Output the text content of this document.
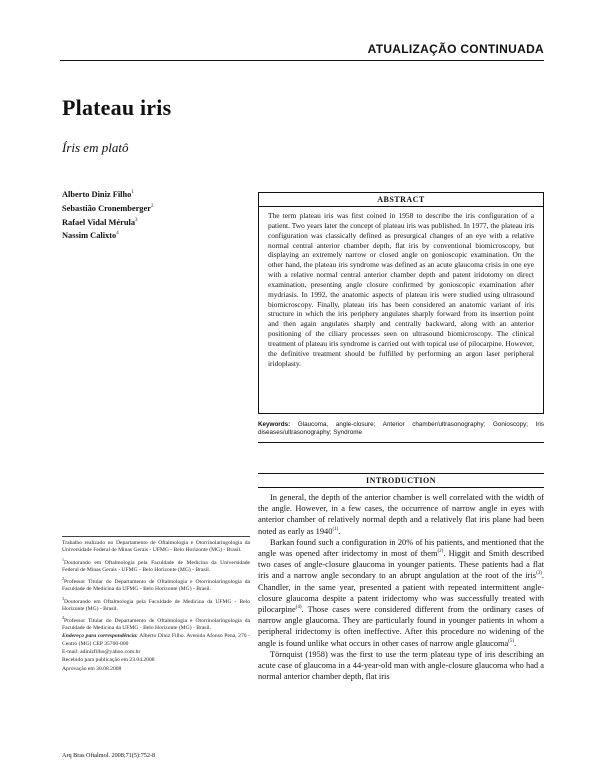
ATUALIZAÇÃO CONTINUADA
Plateau iris
Íris em platô
Alberto Diniz Filho$^1$
Sebastião Cronemberger$^2$
Rafael Vidal Mérula$^3$
Nassim Calixto$^4$
ABSTRACT
The term plateau iris was first coined in 1958 to describe the iris configuration of a patient. Two years later the concept of plateau iris was published. In 1977, the plateau iris configuration was classically defined as presurgical changes of an eye with a relative normal central anterior chamber depth, flat iris by conventional biomicroscopy, but displaying an extremely narrow or closed angle on gonioscopic examination. On the other hand, the plateau iris syndrome was defined as an acute glaucoma crisis in one eye with a relative normal central anterior chamber depth and patent iridotomy on direct examination, presenting angle closure confirmed by gonioscopic examination after mydriasis. In 1992, the anatomic aspects of plateau iris were studied using ultrasound biomicroscopy. Finally, plateau iris has been considered an anatomic variant of iris structure in which the iris periphery angulates sharply forward from its insertion point and then again angulates sharply and centrally backward, along with an anterior positioning of the ciliary processes seen on ultrasound biomicroscopy. The clinical treatment of plateau iris syndrome is carried out with topical use of pilocarpine. However, the definitive treatment should be fulfilled by performing an argon laser peripheral iridoplasty.
Keywords: Glaucoma, angle-closure; Anterior chamber/ultrasonography; Gonioscopy; Iris diseases/ultrasonography; Syndrome
INTRODUCTION

In general, the depth of the anterior chamber is well correlated with the width of the angle. However, in a few cases, the occurrence of narrow angle in eyes with anterior chamber of relatively normal depth and a relatively flat iris plane had been noted as early as 1940$^{(1)}$.

Barkan found such a configuration in 20% of his patients, and mentioned that the angle was opened after iridectomy in most of them$^{(2)}$. Higgit and Smith described two cases of angle-closure glaucoma in younger patients. These patients had a flat iris and a narrow angle secondary to an abrupt angulation at the root of the iris$^{(3)}$. Chandler, in the same year, presented a patient with repeated intermittent angle-closure glaucoma despite a patent iridectomy who was successfully treated with pilocarpine$^{(4)}$. Those cases were considered different from the ordinary cases of narrow angle glaucoma. They are particularly found in younger patients in whom a peripheral iridectomy is often ineffective. After this procedure no widening of the angle is found unlike what occurs in other cases of narrow angle glaucoma$^{(5)}$.

Törnquist (1958) was the first to use the term plateau type of iris describing an acute case of glaucoma in a 44-year-old man with angle-closure glaucoma who had a normal anterior chamber depth, flat iris

Trabalho realizado no Departamento de Oftalmologia e Otorrinolaringologia da Universidade Federal de Minas Gerais - UFMG - Belo Horizonte (MG) - Brasil.

$^1$Doutorando em Oftalmologia pela Faculdade de Medicina da Universidade Federal de Minas Gerais - UFMG - Belo Horizonte (MG) - Brasil.

$^2$Professor Titular do Departamento de Oftalmologia e Otorrinolaringologia da Faculdade de Medicina da UFMG - Belo Horizonte (MG) - Brasil.

$^3$Doutorando em Oftalmologia pela Faculdade de Medicina da UFMG - Belo Horizonte (MG) - Brasil.

$^4$Professor Titular do Departamento de Oftalmologia e Otorrinolaringologia da Faculdade de Medicina da UFMG - Belo Horizonte (MG) - Brasil.

Endereço para correspondência: Alberto Diniz Filho. Avenida Afonso Pena, 270 - Centro (MG) CEP 35700-000

E-mail: adinizfilho@yahoo.com.br

Recebido para publicação em 23.04.2008

Aprovação em 30.08.2008

Arq Bras Oftalmol. 2008;71(5):752-8
